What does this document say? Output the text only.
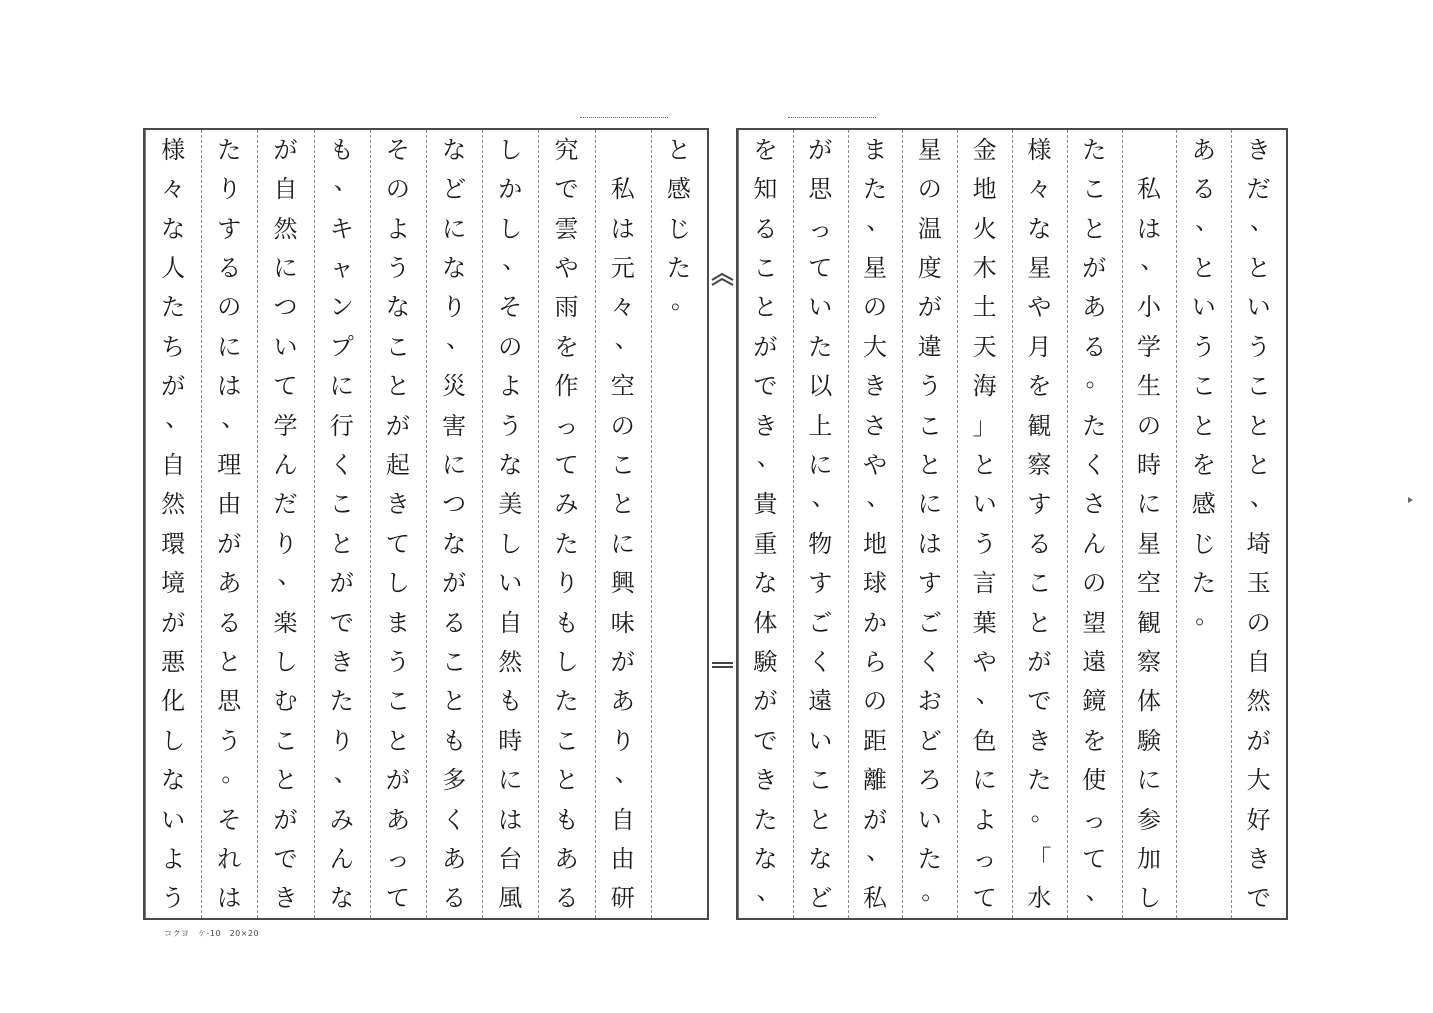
と
感
じ
た
。

私
は
元
々
、
空
の
こ
と
に
興
味
が
あ
り
、
自
由
研
究
で
雲
や
雨
を
作
っ
て
み
た
り
も
し
た
こ
と
も
あ
る
し
か
し
、
そ
の
よ
う
な
美
し
い
自
然
も
時
に
は
台
風
な
ど
に
な
り
、
災
害
に
つ
な
が
る
こ
と
も
多
く
あ
る
そ
の
よ
う
な
こ
と
が
起
き
て
し
ま
う
こ
と
が
あ
っ
て
も
、
キ
ャ
ン
プ
に
行
く
こ
と
が
で
き
た
り
、
み
ん
な
が
自
然
に
つ
い
て
学
ん
だ
り
、
楽
し
む
こ
と
が
で
き
た
り
す
る
の
に
は
、
理
由
が
あ
る
と
思
う
。
そ
れ
は
様
々
な
人
た
ち
が
、
自
然
環
境
が
悪
化
し
な
い
よ
う
き
だ
、
と
い
う
こ
と
と
、
埼
玉
の
自
然
が
大
好
き
で
あ
る
、
と
い
う
こ
と
を
感
じ
た
。

私
は
、
小
学
生
の
時
に
星
空
観
察
体
験
に
参
加
し
た
こ
と
が
あ
る
。
た
く
さ
ん
の
望
遠
鏡
を
使
っ
て
、
様
々
な
星
や
月
を
観
察
す
る
こ
と
が
で
き
た
。
「
水
金
地
火
木
土
天
海
」
と
い
う
言
葉
や
、
色
に
よ
っ
て
星
の
温
度
が
違
う
こ
と
に
は
す
ご
く
お
ど
ろ
い
た
。
ま
た
、
星
の
大
き
さ
や
、
地
球
か
ら
の
距
離
が
、
私
が
思
っ
て
い
た
以
上
に
、
物
す
ご
く
遠
い
こ
と
な
ど
を
知
る
こ
と
が
で
き
、
貴
重
な
体
験
が
で
き
た
な
、
コクヨ　ケ-10　20×20
